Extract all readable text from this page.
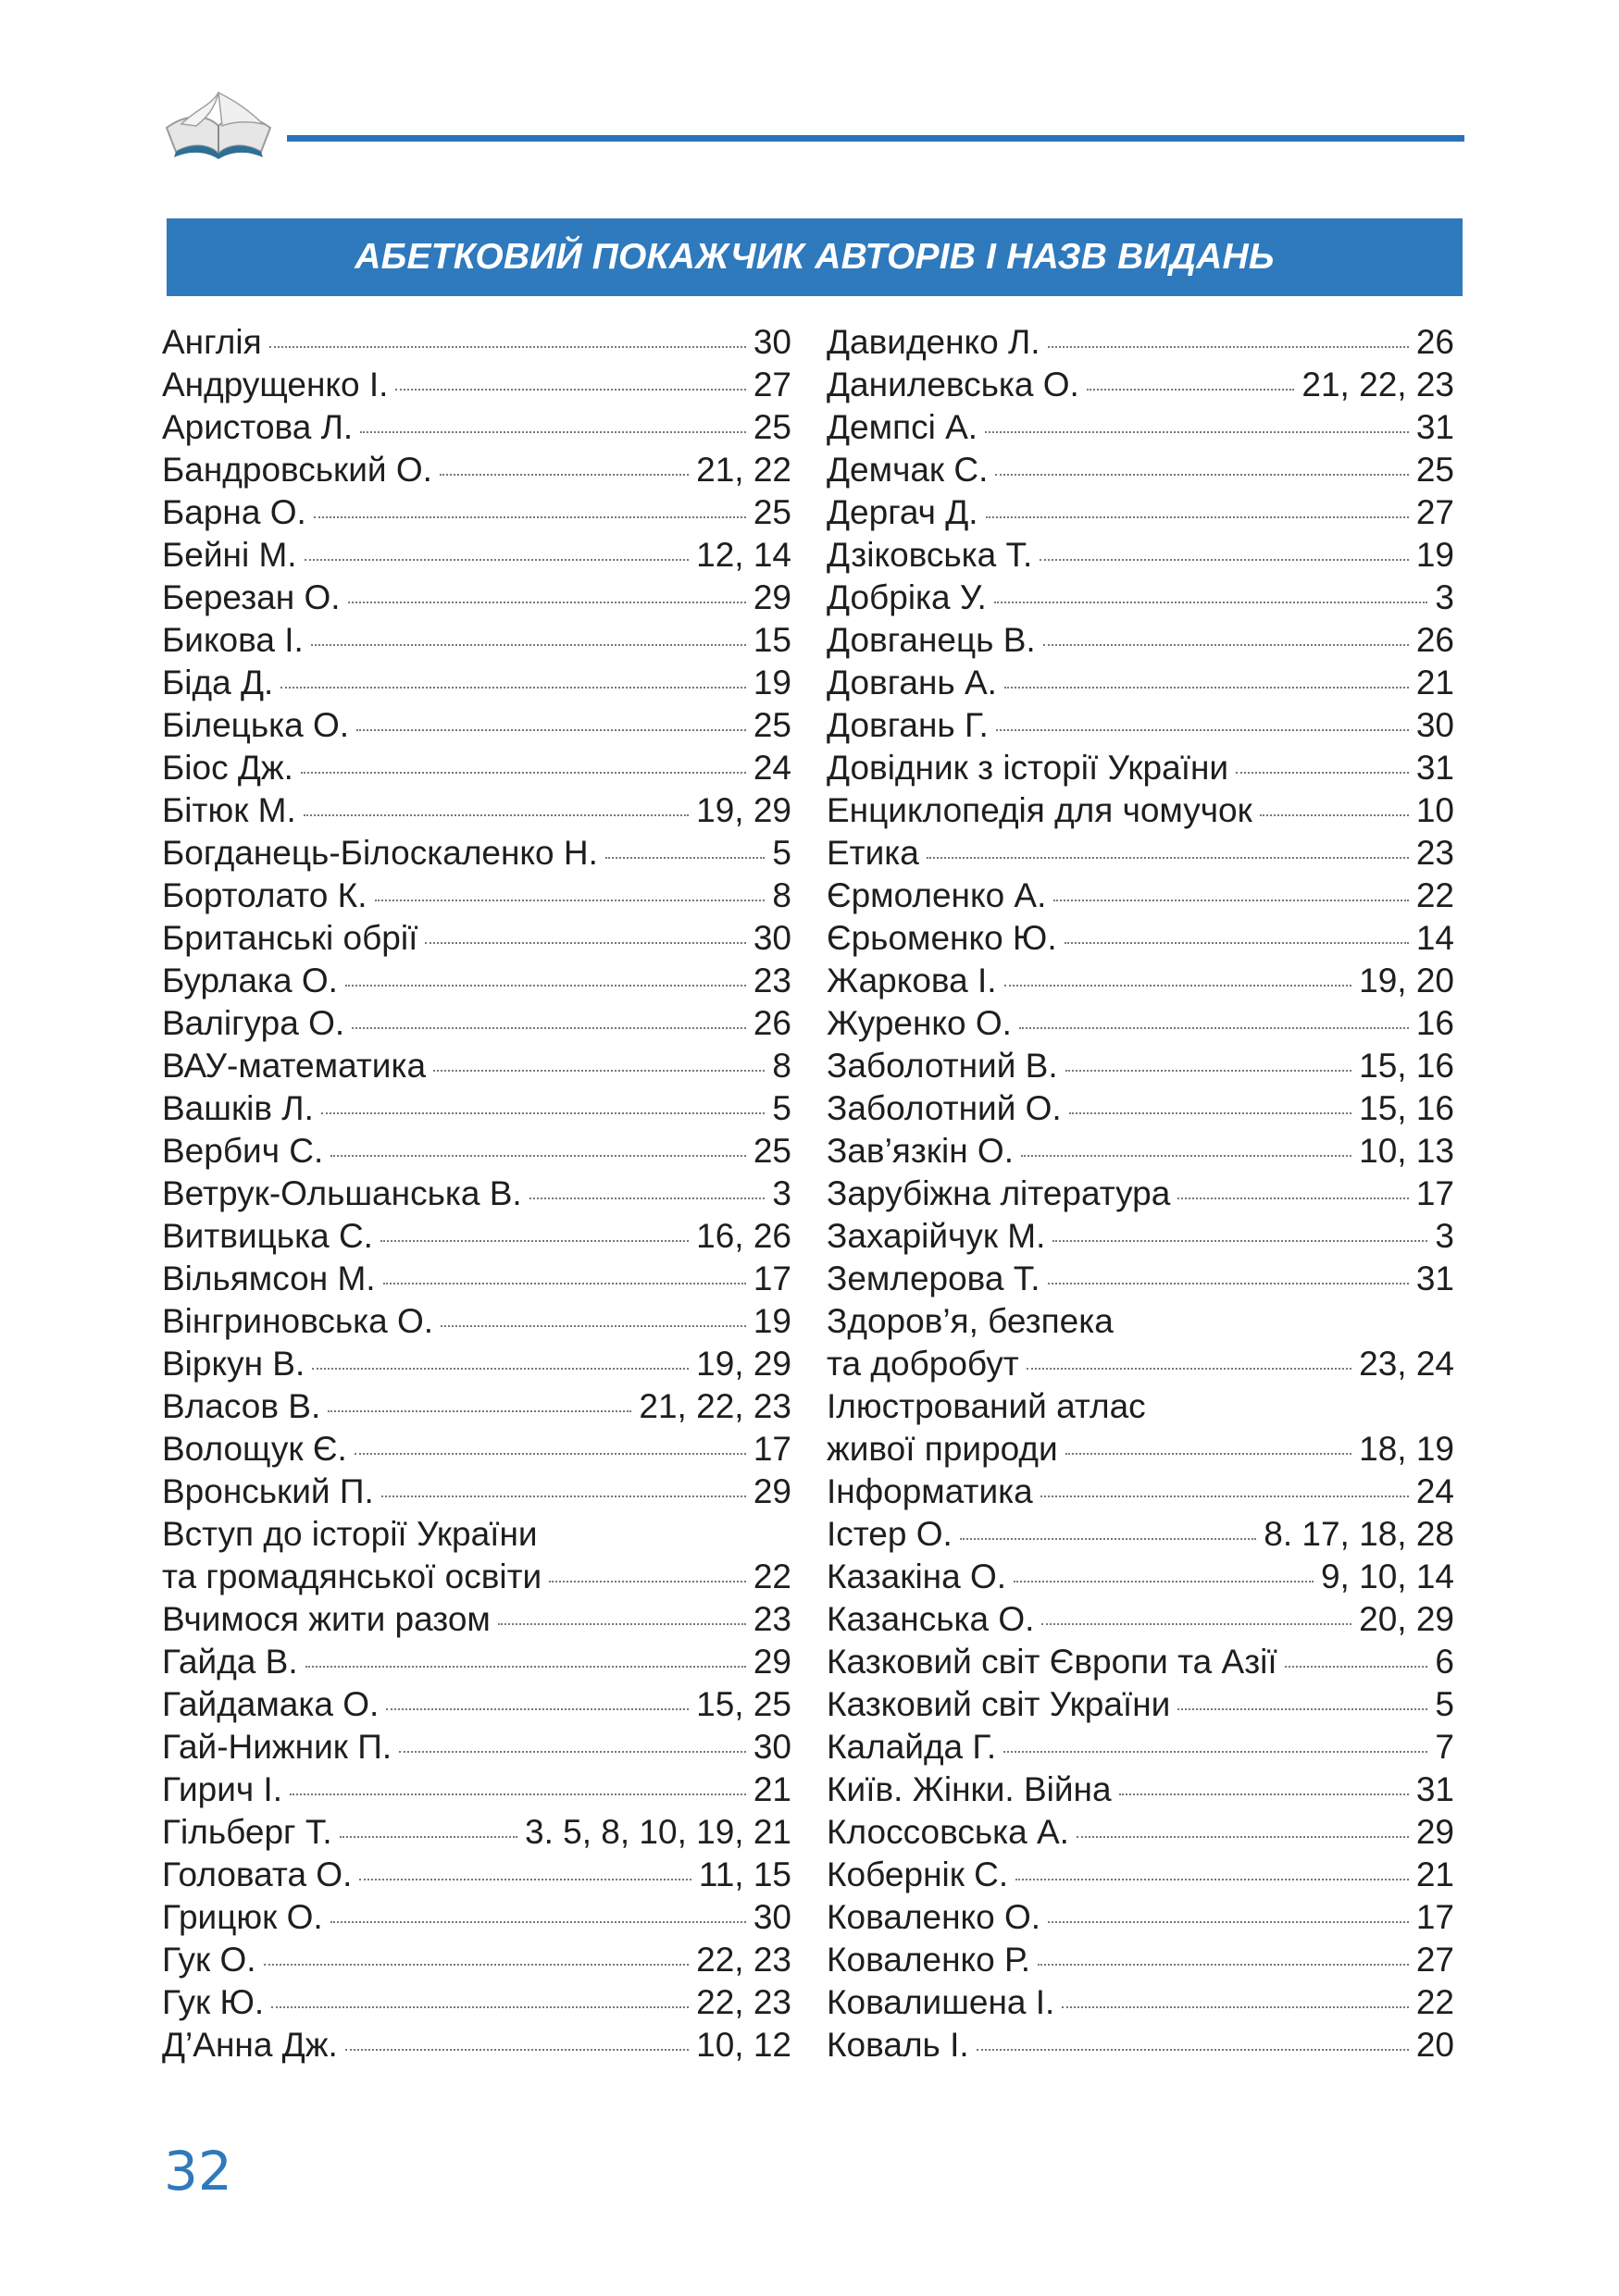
АБЕТКОВИЙ ПОКАЖЧИК АВТОРІВ І НАЗВ ВИДАНЬ
Англія	30
Андрущенко І.	27
Аристова Л.	25
Бандровський О.	21, 22
Барна О.	25
Бейні М.	12, 14
Березан О.	29
Бикова І.	15
Біда Д.	19
Білецька О.	25
Біос Дж.	24
Бітюк М.	19, 29
Богданець-Білоскаленко Н.	5
Бортолато К.	8
Британські обрії	30
Бурлака О.	23
Валігура О.	26
ВАУ-математика	8
Вашків Л.	5
Вербич С.	25
Ветрук-Ольшанська В.	3
Витвицька С.	16, 26
Вільямсон М.	17
Вінгриновська О.	19
Віркун В.	19, 29
Власов В.	21, 22, 23
Волощук Є.	17
Вронський П.	29
Вступ до історії України
та громадянської освіти	22
Вчимося жити разом	23
Гайда В.	29
Гайдамака О.	15, 25
Гай-Нижник П.	30
Гирич І.	21
Гільберг Т.	3. 5, 8, 10, 19, 21
Головата О.	11, 15
Грицюк О.	30
Гук О.	22, 23
Гук Ю.	22, 23
Д’Анна Дж.	10, 12
Давиденко Л.	26
Данилевська О.	21, 22, 23
Демпсі А.	31
Демчак С.	25
Дергач Д.	27
Дзіковська Т.	19
Добріка У.	3
Довганець В.	26
Довгань А.	21
Довгань Г.	30
Довідник з історії України	31
Енциклопедія для чомучок	10
Етика	23
Єрмоленко А.	22
Єрьоменко Ю.	14
Жаркова І.	19, 20
Журенко О.	16
Заболотний В.	15, 16
Заболотний О.	15, 16
Зав’язкін О.	10, 13
Зарубіжна література	17
Захарійчук М.	3
Землерова Т.	31
Здоров’я, безпека
та добробут	23, 24
Ілюстрований атлас
живої природи	18, 19
Інформатика	24
Істер О.	8. 17, 18, 28
Казакіна О.	9, 10, 14
Казанська О.	20, 29
Казковий світ Європи та Азії	6
Казковий світ України	5
Калайда Г.	7
Київ. Жінки. Війна	31
Клоссовська А.	29
Кобернік С.	21
Коваленко О.	17
Коваленко Р.	27
Ковалишена І.	22
Коваль І.	20
32
